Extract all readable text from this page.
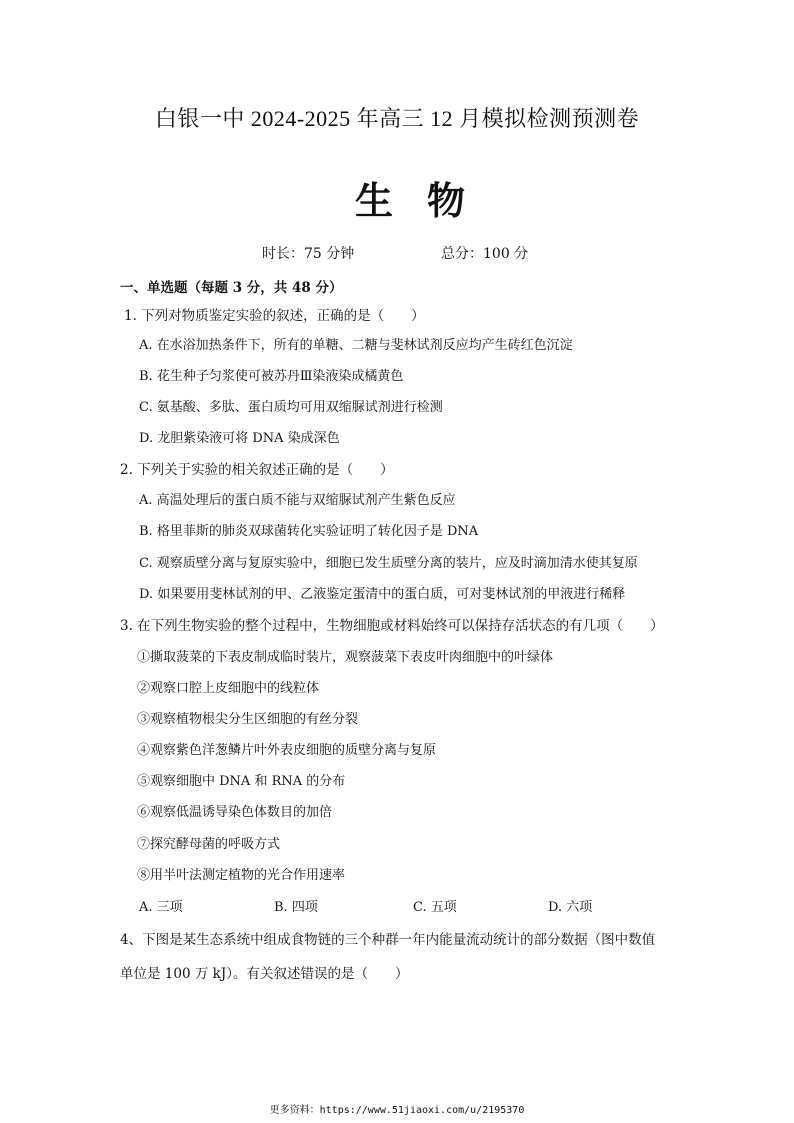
白银一中 2024-2025 年高三 12 月模拟检测预测卷
生物
时长：75 分钟	总分：100 分
一、单选题（每题 3 分，共 48 分）
1. 下列对物质鉴定实验的叙述，正确的是（　　）
A. 在水浴加热条件下，所有的单糖、二糖与斐林试剂反应均产生砖红色沉淀
B. 花生种子匀浆使可被苏丹Ⅲ染液染成橘黄色
C. 氨基酸、多肽、蛋白质均可用双缩脲试剂进行检测
D. 龙胆紫染液可将 DNA 染成深色
2. 下列关于实验的相关叙述正确的是（　　）
A. 高温处理后的蛋白质不能与双缩脲试剂产生紫色反应
B. 格里菲斯的肺炎双球菌转化实验证明了转化因子是 DNA
C. 观察质壁分离与复原实验中，细胞已发生质壁分离的装片，应及时滴加清水使其复原
D. 如果要用斐林试剂的甲、乙液鉴定蛋清中的蛋白质，可对斐林试剂的甲液进行稀释
3. 在下列生物实验的整个过程中，生物细胞或材料始终可以保持存活状态的有几项（　　）
①撕取菠菜的下表皮制成临时装片，观察菠菜下表皮叶肉细胞中的叶绿体
②观察口腔上皮细胞中的线粒体
③观察植物根尖分生区细胞的有丝分裂
④观察紫色洋葱鳞片叶外表皮细胞的质壁分离与复原
⑤观察细胞中 DNA 和 RNA 的分布
⑥观察低温诱导染色体数目的加倍
⑦探究酵母菌的呼吸方式
⑧用半叶法测定植物的光合作用速率
A. 三项	B. 四项	C. 五项	D. 六项
4、下图是某生态系统中组成食物链的三个种群一年内能量流动统计的部分数据（图中数值
单位是 100 万 kJ）。有关叙述错误的是（　　）
更多资料：https://www.51jiaoxi.com/u/2195370
